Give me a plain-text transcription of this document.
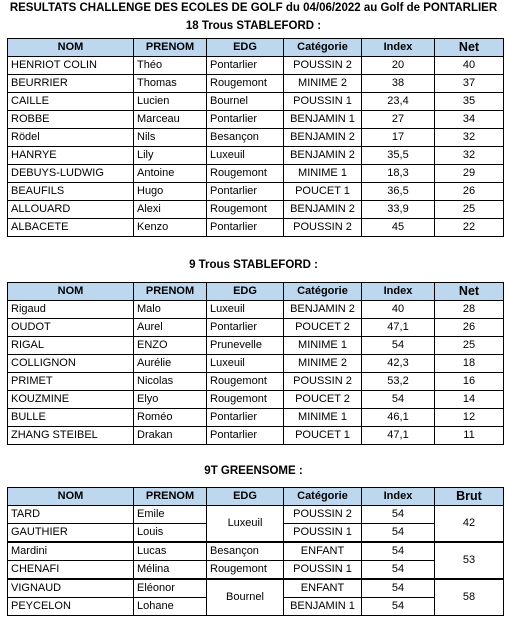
RESULTATS CHALLENGE DES ECOLES DE GOLF du 04/06/2022 au Golf de PONTARLIER
18 Trous STABLEFORD :
NOM	PRENOM	EDG	Catégorie	Index	Net
HENRIOT COLIN	Théo	Pontarlier	POUSSIN 2	20	40
BEURRIER	Thomas	Rougemont	MINIME 2	38	37
CAILLE	Lucien	Bournel	POUSSIN 1	23,4	35
ROBBE	Marceau	Pontarlier	BENJAMIN 1	27	34
Rödel	Nils	Besançon	BENJAMIN 2	17	32
HANRYE	Lily	Luxeuil	BENJAMIN 2	35,5	32
DEBUYS-LUDWIG	Antoine	Rougemont	MINIME 1	18,3	29
BEAUFILS	Hugo	Pontarlier	POUCET 1	36,5	26
ALLOUARD	Alexi	Rougemont	BENJAMIN 2	33,9	25
ALBACETE	Kenzo	Pontarlier	POUSSIN 2	45	22
9 Trous STABLEFORD :
NOM	PRENOM	EDG	Catégorie	Index	Net
Rigaud	Malo	Luxeuil	BENJAMIN 2	40	28
OUDOT	Aurel	Pontarlier	POUCET 2	47,1	26
RIGAL	ENZO	Prunevelle	MINIME 1	54	25
COLLIGNON	Aurélie	Luxeuil	MINIME 2	42,3	18
PRIMET	Nicolas	Rougemont	POUSSIN 2	53,2	16
KOUZMINE	Elyo	Rougemont	POUCET 2	54	14
BULLE	Roméo	Pontarlier	MINIME 1	46,1	12
ZHANG STEIBEL	Drakan	Pontarlier	POUCET 1	47,1	11
9T GREENSOME :
NOM	PRENOM	EDG	Catégorie	Index	Brut
TARD	Emile	Luxeuil	POUSSIN 2	54	42
GAUTHIER	Louis		POUSSIN 1	54	
Mardini	Lucas	Besançon	ENFANT	54	53
CHENAFI	Mélina	Rougemont	POUSSIN 1	54	
VIGNAUD	Eléonor	Bournel	ENFANT	54	58
PEYCELON	Lohane		BENJAMIN 1	54	
